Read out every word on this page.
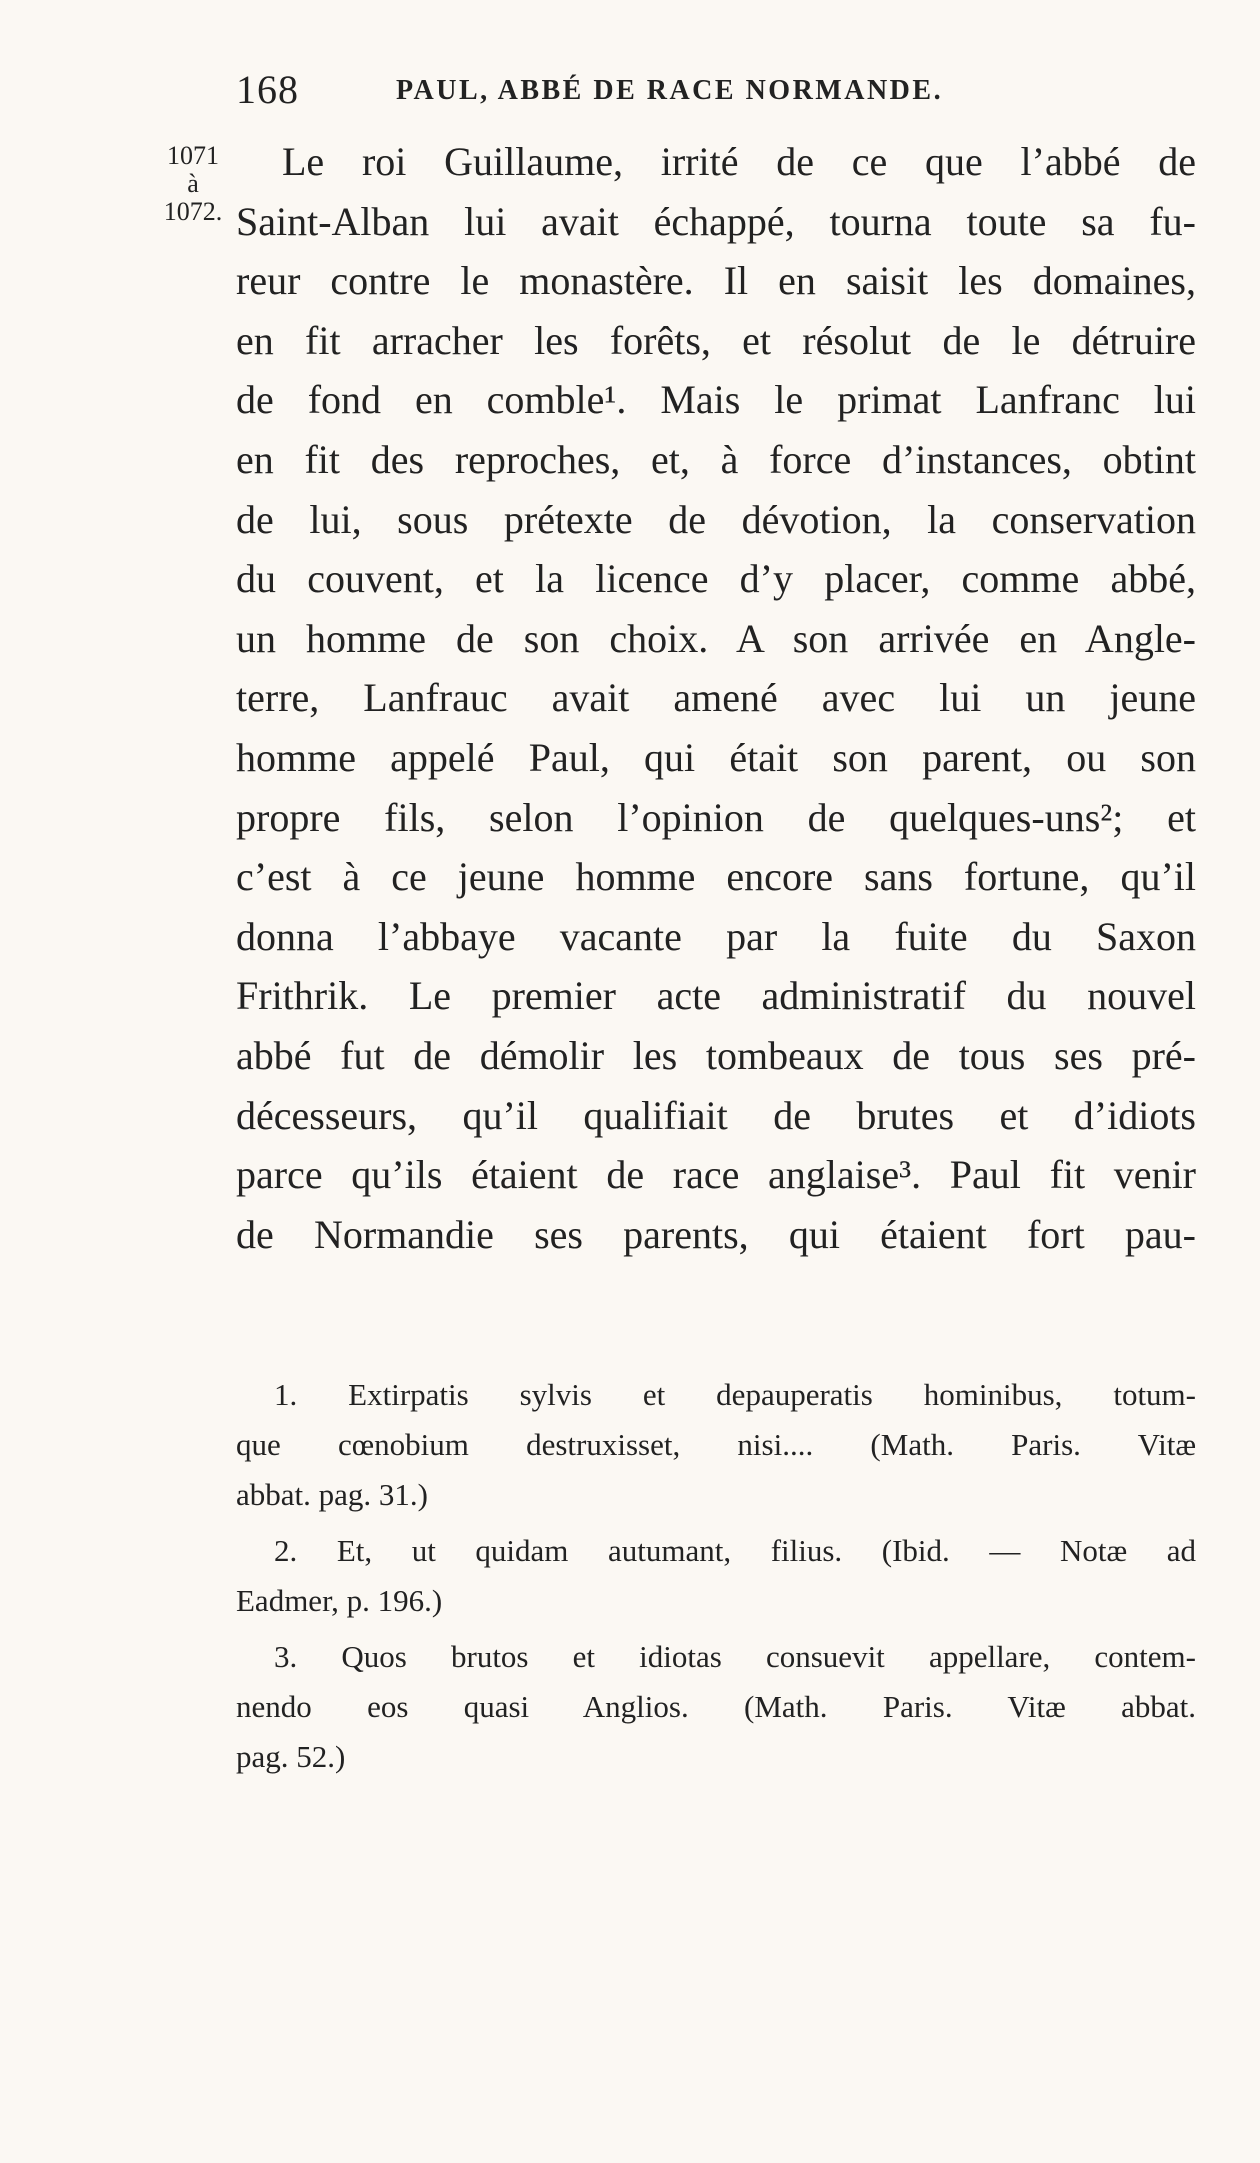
168	PAUL, ABBÉ DE RACE NORMANDE.
1071
à
1072.
Le roi Guillaume, irrité de ce que l’abbé de
Saint-Alban lui avait échappé, tourna toute sa fu-
reur contre le monastère. Il en saisit les domaines,
en fit arracher les forêts, et résolut de le détruire
de fond en comble¹. Mais le primat Lanfranc lui
en fit des reproches, et, à force d’instances, obtint
de lui, sous prétexte de dévotion, la conservation
du couvent, et la licence d’y placer, comme abbé,
un homme de son choix. A son arrivée en Angle-
terre, Lanfrauc avait amené avec lui un jeune
homme appelé Paul, qui était son parent, ou son
propre fils, selon l’opinion de quelques-uns²; et
c’est à ce jeune homme encore sans fortune, qu’il
donna l’abbaye vacante par la fuite du Saxon
Frithrik. Le premier acte administratif du nouvel
abbé fut de démolir les tombeaux de tous ses pré-
décesseurs, qu’il qualifiait de brutes et d’idiots
parce qu’ils étaient de race anglaise³. Paul fit venir
de Normandie ses parents, qui étaient fort pau-
1. Extirpatis sylvis et depauperatis hominibus, totum-
que cœnobium destruxisset, nisi.... (Math. Paris. Vitæ
abbat. pag. 31.)
2. Et, ut quidam autumant, filius. (Ibid. — Notæ ad
Eadmer, p. 196.)
3. Quos brutos et idiotas consuevit appellare, contem-
nendo eos quasi Anglios. (Math. Paris. Vitæ abbat.
pag. 52.)
